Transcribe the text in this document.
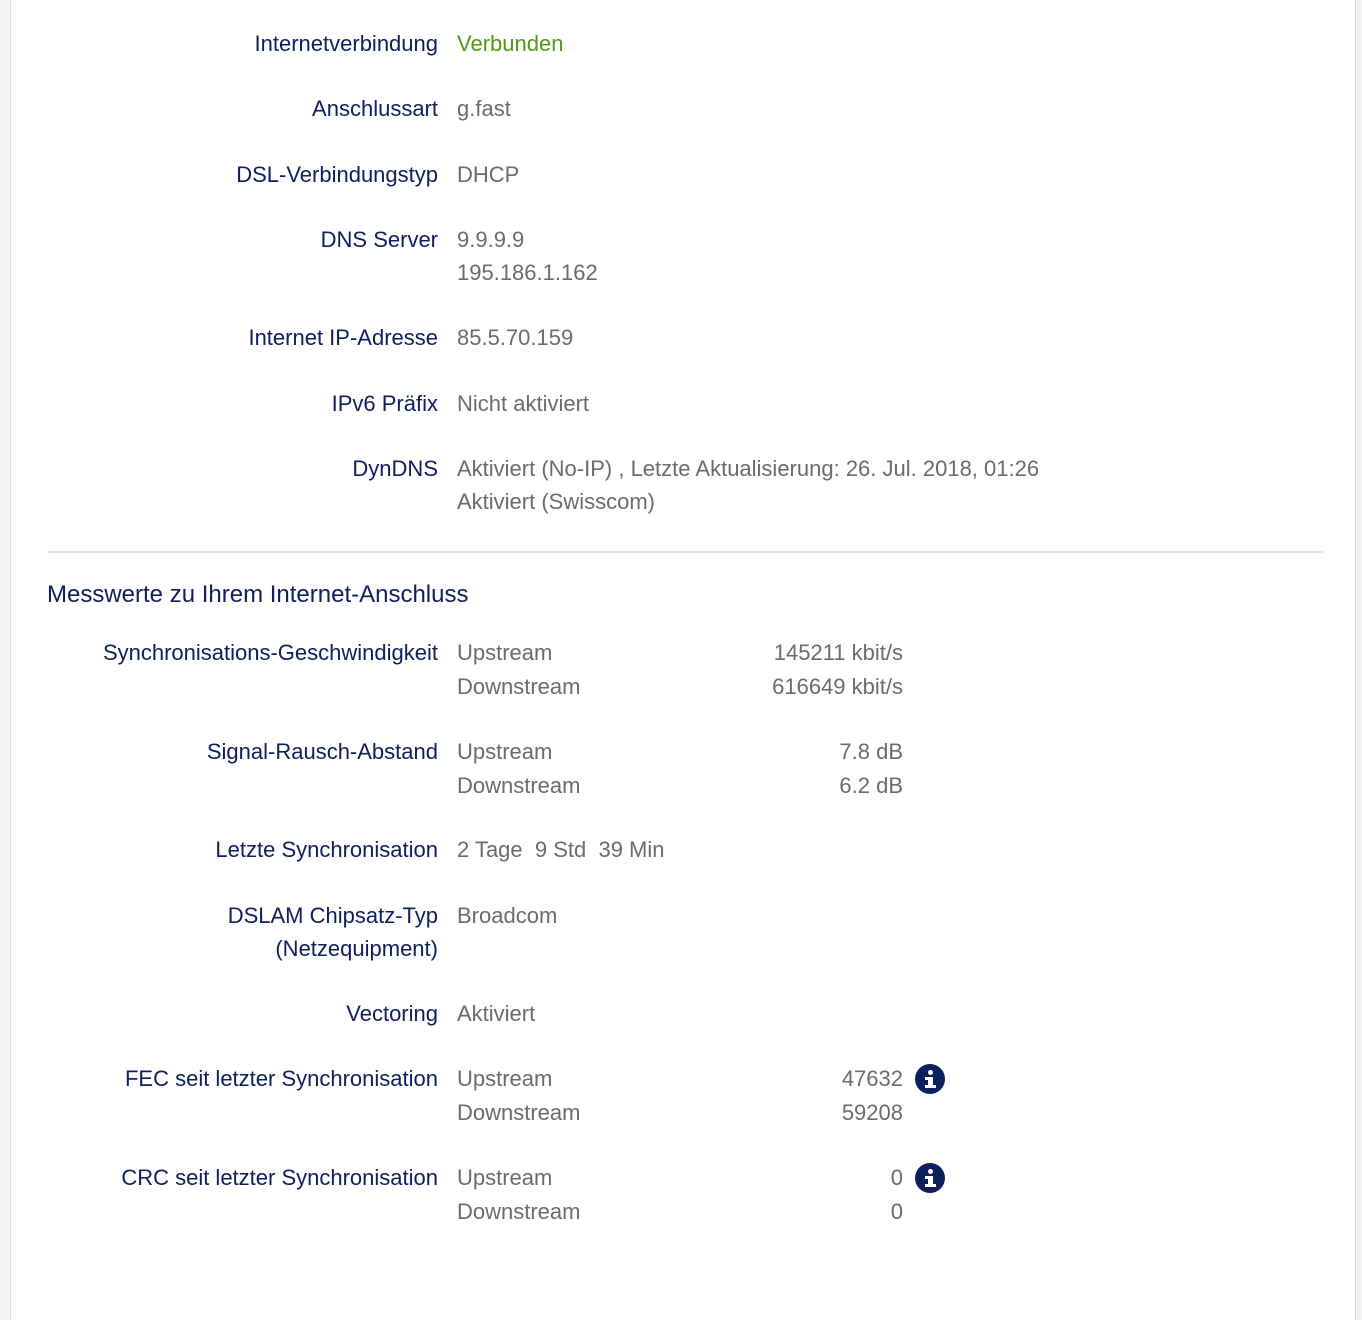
Internetverbindung Verbunden
Anschlussart g.fast
DSL-Verbindungstyp DHCP
DNS Server 9.9.9.9
195.186.1.162
Internet IP-Adresse 85.5.70.159
IPv6 Präfix Nicht aktiviert
DynDNS Aktiviert (No-IP) , Letzte Aktualisierung: 26. Jul. 2018, 01:26
Aktiviert (Swisscom)
Messwerte zu Ihrem Internet-Anschluss
Synchronisations-Geschwindigkeit Upstream	145211 kbit/s
Downstream	616649 kbit/s
Signal-Rausch-Abstand Upstream	7.8 dB
Downstream	6.2 dB
Letzte Synchronisation 2 Tage  9 Std  39 Min
DSLAM Chipsatz-Typ
(Netzequipment)
Broadcom
Vectoring Aktiviert
FEC seit letzter Synchronisation Upstream	47632
Downstream	59208
CRC seit letzter Synchronisation Upstream	0
Downstream	0
